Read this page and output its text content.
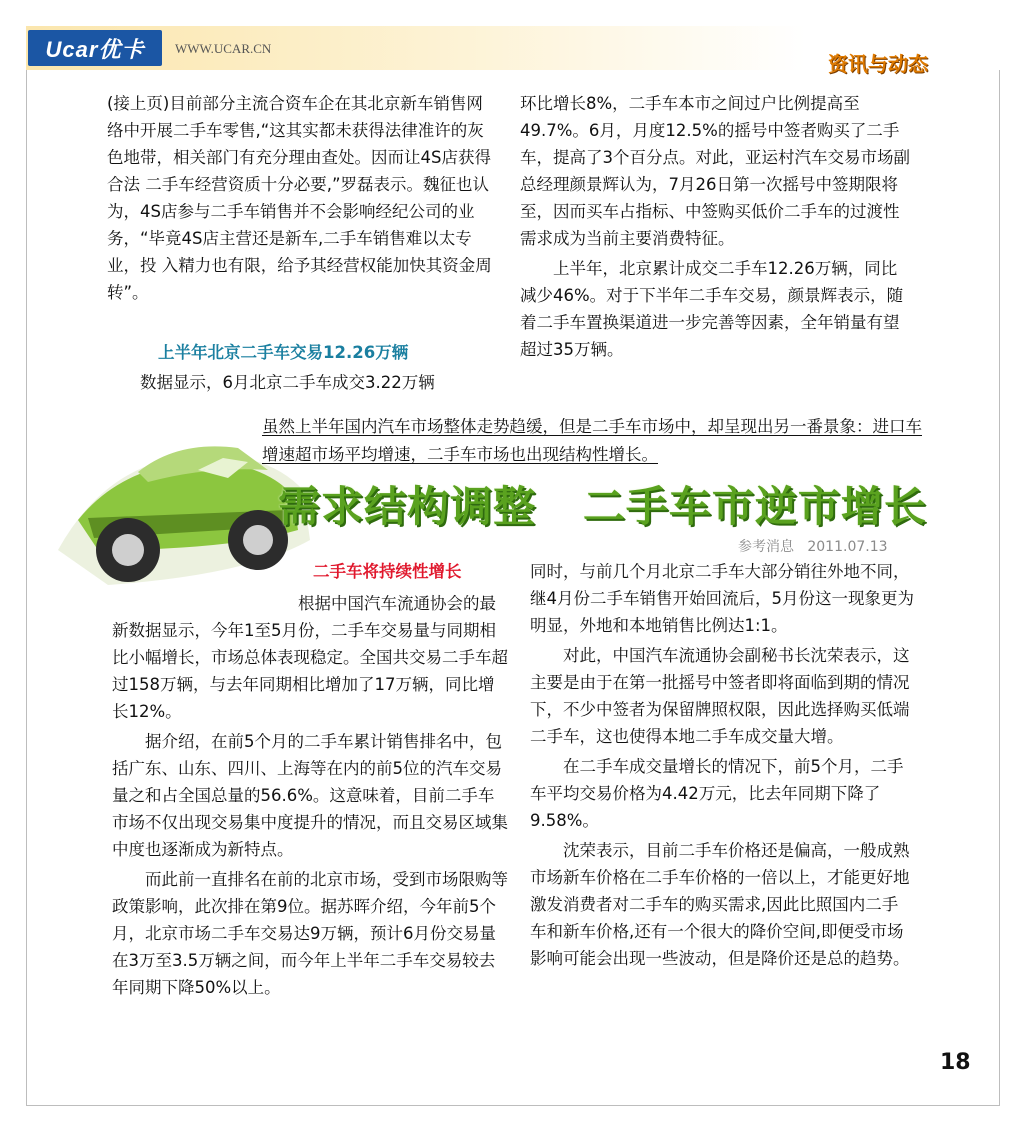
Ucar优卡	WWW.UCAR.CN
资讯与动态

(接上页)目前部分主流合资车企在其北京新车销售网络中开展二手车零售,“这其实都未获得法律准许的灰色地带，相关部门有充分理由查处。因而让4S店获得合法 二手车经营资质十分必要,”罗磊表示。魏征也认为，4S店参与二手车销售并不会影响经纪公司的业务，“毕竟4S店主营还是新车,二手车销售难以太专业，投 入精力也有限，给予其经营权能加快其资金周转”。

上半年北京二手车交易12.26万辆
数据显示，6月北京二手车成交3.22万辆

环比增长8%，二手车本市之间过户比例提高至49.7%。6月，月度12.5%的摇号中签者购买了二手车，提高了3个百分点。对此，亚运村汽车交易市场副总经理颜景辉认为，7月26日第一次摇号中签期限将至，因而买车占指标、中签购买低价二手车的过渡性需求成为当前主要消费特征。

上半年，北京累计成交二手车12.26万辆，同比减少46%。对于下半年二手车交易，颜景辉表示，随着二手车置换渠道进一步完善等因素，全年销量有望超过35万辆。

虽然上半年国内汽车市场整体走势趋缓，但是二手车市场中，却呈现出另一番景象：进口车增速超市场平均增速，二手车市场也出现结构性增长。
需求结构调整   二手车市逆市增长
参考消息 2011.07.13
二手车将持续性增长

根据中国汽车流通协会的最新数据显示，今年1至5月份，二手车交易量与同期相比小幅增长，市场总体表现稳定。全国共交易二手车超过158万辆，与去年同期相比增加了17万辆，同比增长12%。

据介绍，在前5个月的二手车累计销售排名中，包括广东、山东、四川、上海等在内的前5位的汽车交易量之和占全国总量的56.6%。这意味着，目前二手车市场不仅出现交易集中度提升的情况，而且交易区域集中度也逐渐成为新特点。

而此前一直排名在前的北京市场，受到市场限购等政策影响，此次排在第9位。据苏晖介绍，今年前5个月，北京市场二手车交易达9万辆，预计6月份交易量在3万至3.5万辆之间，而今年上半年二手车交易较去年同期下降50%以上。

同时，与前几个月北京二手车大部分销往外地不同，继4月份二手车销售开始回流后，5月份这一现象更为明显，外地和本地销售比例达1:1。

对此，中国汽车流通协会副秘书长沈荣表示，这主要是由于在第一批摇号中签者即将面临到期的情况下，不少中签者为保留牌照权限，因此选择购买低端二手车，这也使得本地二手车成交量大增。

在二手车成交量增长的情况下，前5个月，二手车平均交易价格为4.42万元，比去年同期下降了9.58%。

沈荣表示，目前二手车价格还是偏高，一般成熟市场新车价格在二手车价格的一倍以上，才能更好地激发消费者对二手车的购买需求,因此比照国内二手车和新车价格,还有一个很大的降价空间,即便受市场影响可能会出现一些波动，但是降价还是总的趋势。

18
